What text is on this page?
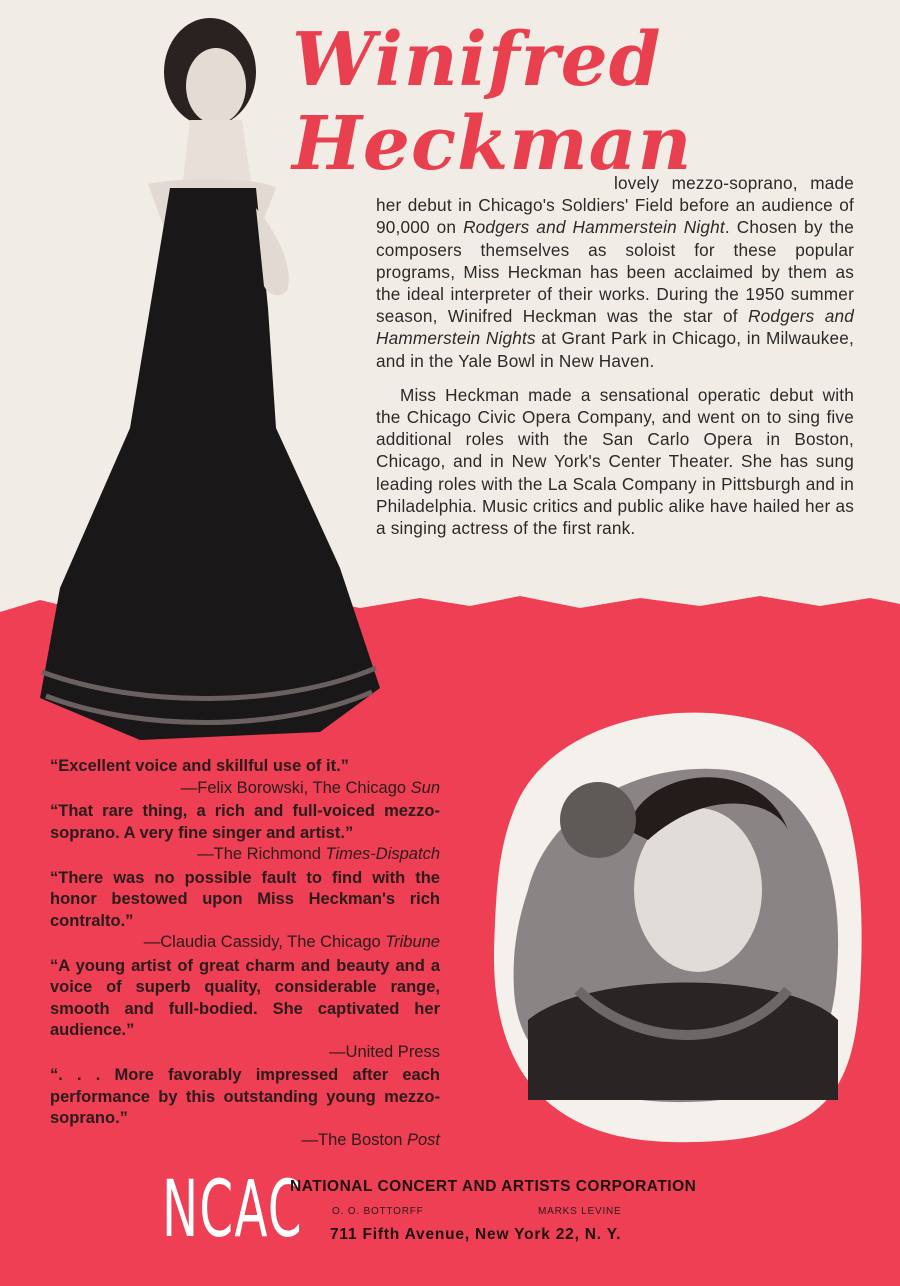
Winifred
Heckman

lovely mezzo-soprano, made her debut in Chicago's Soldiers' Field before an audience of 90,000 on Rodgers and Hammerstein Night. Chosen by the composers themselves as soloist for these popular programs, Miss Heckman has been acclaimed by them as the ideal interpreter of their works. During the 1950 summer season, Winifred Heckman was the star of Rodgers and Hammerstein Nights at Grant Park in Chicago, in Milwaukee, and in the Yale Bowl in New Haven.

Miss Heckman made a sensational operatic debut with the Chicago Civic Opera Company, and went on to sing five additional roles with the San Carlo Opera in Boston, Chicago, and in New York's Center Theater. She has sung leading roles with the La Scala Company in Pittsburgh and in Philadelphia. Music critics and public alike have hailed her as a singing actress of the first rank.

“Excellent voice and skillful use of it.”
—Felix Borowski, The Chicago Sun
“That rare thing, a rich and full-voiced mezzo-soprano. A very fine singer and artist.”
—The Richmond Times-Dispatch
“There was no possible fault to find with the honor bestowed upon Miss Heckman's rich contralto.”
—Claudia Cassidy, The Chicago Tribune
“A young artist of great charm and beauty and a voice of superb quality, considerable range, smooth and full-bodied. She captivated her audience.”
—United Press
“. . . More favorably impressed after each performance by this outstanding young mezzo-soprano.”
—The Boston Post
NCAC
NATIONAL CONCERT AND ARTISTS CORPORATION
O. O. BOTTORFF	MARKS LEVINE
711 Fifth Avenue, New York 22, N. Y.
